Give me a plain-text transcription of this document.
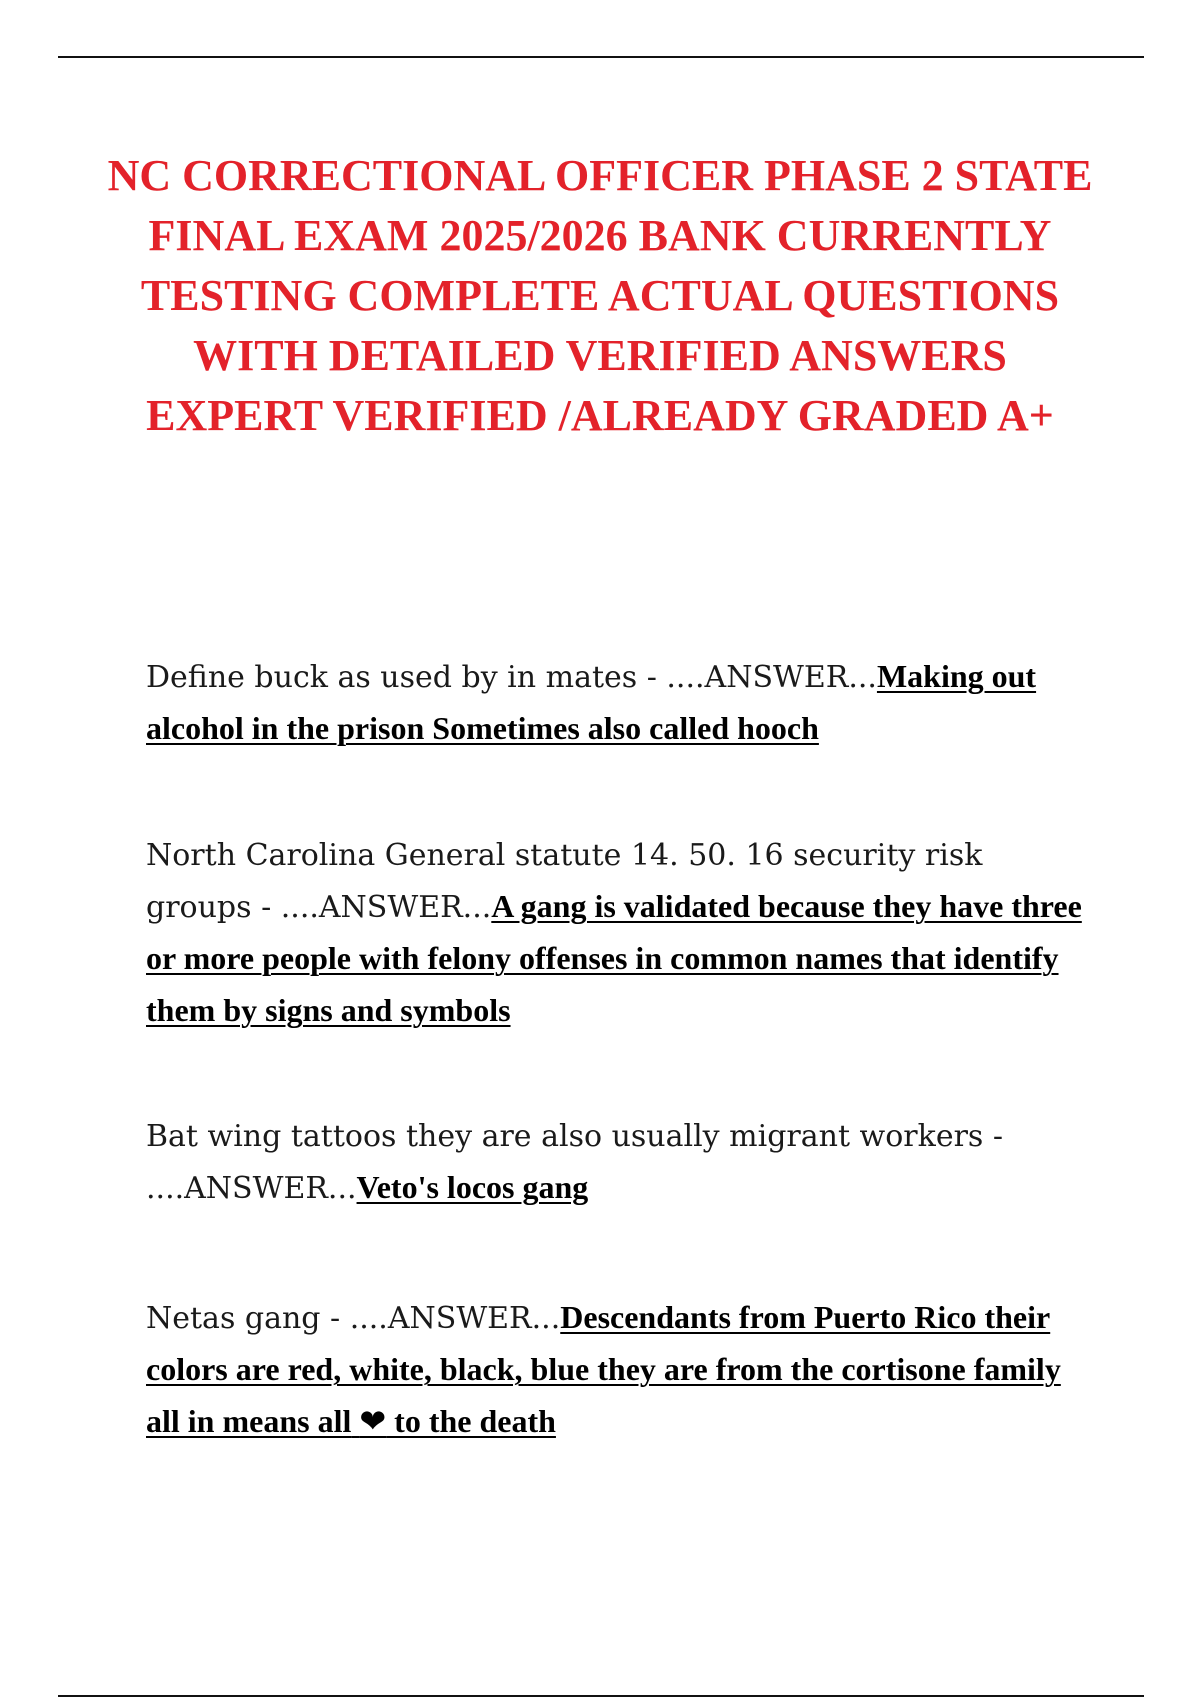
NC CORRECTIONAL OFFICER PHASE 2 STATE FINAL EXAM 2025/2026 BANK CURRENTLY TESTING COMPLETE ACTUAL QUESTIONS WITH DETAILED VERIFIED ANSWERS EXPERT VERIFIED /ALREADY GRADED A+

Define buck as used by in mates - ....ANSWER...Making out alcohol in the prison Sometimes also called hooch

North Carolina General statute 14. 50. 16 security risk groups - ....ANSWER...A gang is validated because they have three or more people with felony offenses in common names that identify them by signs and symbols

Bat wing tattoos they are also usually migrant workers - ....ANSWER...Veto's locos gang

Netas gang - ....ANSWER...Descendants from Puerto Rico their colors are red, white, black, blue they are from the cortisone family all in means all ❤ to the death
